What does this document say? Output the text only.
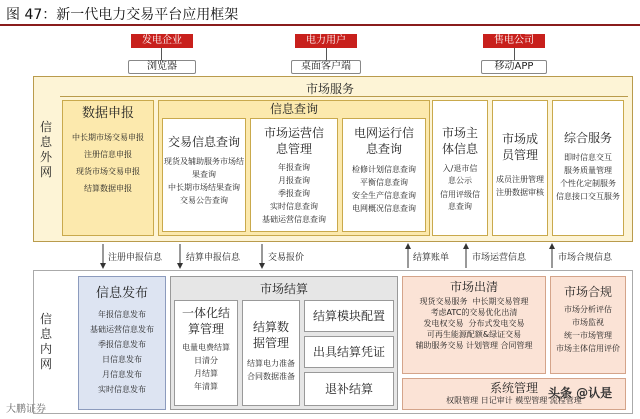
图 47：新一代电力交易平台应用框架
发电企业	电力用户	售电公司
浏览器	桌面客户端	移动APP
信息外网
市场服务
数据申报
中长期市场交易申报
注册信息申报
现货市场交易申报
结算数据申报
信息查询
交易信息查询
现货及辅助服务市场结果查询
中长期市场结果查询
交易公告查询
市场运营信息管理
年报查询
月报查询
季报查询
实时信息查询
基础运营信息查询
电网运行信息查询
检修计划信息查询
平衡信息查询
安全生产信息查询
电网概况信息查询
市场主体信息
入/退市信息公示
信用评级信息查询
市场成员管理
成员注册管理
注册数据审核
综合服务
即时信息交互
服务质量管理
个性化定制服务
信息接口交互服务
注册申报信息	结算申报信息	交易报价	结算账单	市场运营信息	市场合规信息
信息内网
信息发布
年报信息发布
基础运营信息发布
季报信息发布
日信息发布
月信息发布
实时信息发布
市场结算
一体化结算管理
电量电费结算
日清分
月结算
年清算
结算数据管理
结算电力准备
合同数据准备
结算模块配置
出具结算凭证
退补结算
市场出清
现货交易服务 中长期交易管理
考虑ATC的交易优化出清
发电权交易 分布式发电交易
可再生能源配额&绿证交易
辅助服务交易 计划管理 合同管理
市场合规
市场分析评估
市场监视
统一市场管理
市场主体信用评价
系统管理
权限管理 日记审计 模型管理 流程管理
大鹏证券
头条 @认是
